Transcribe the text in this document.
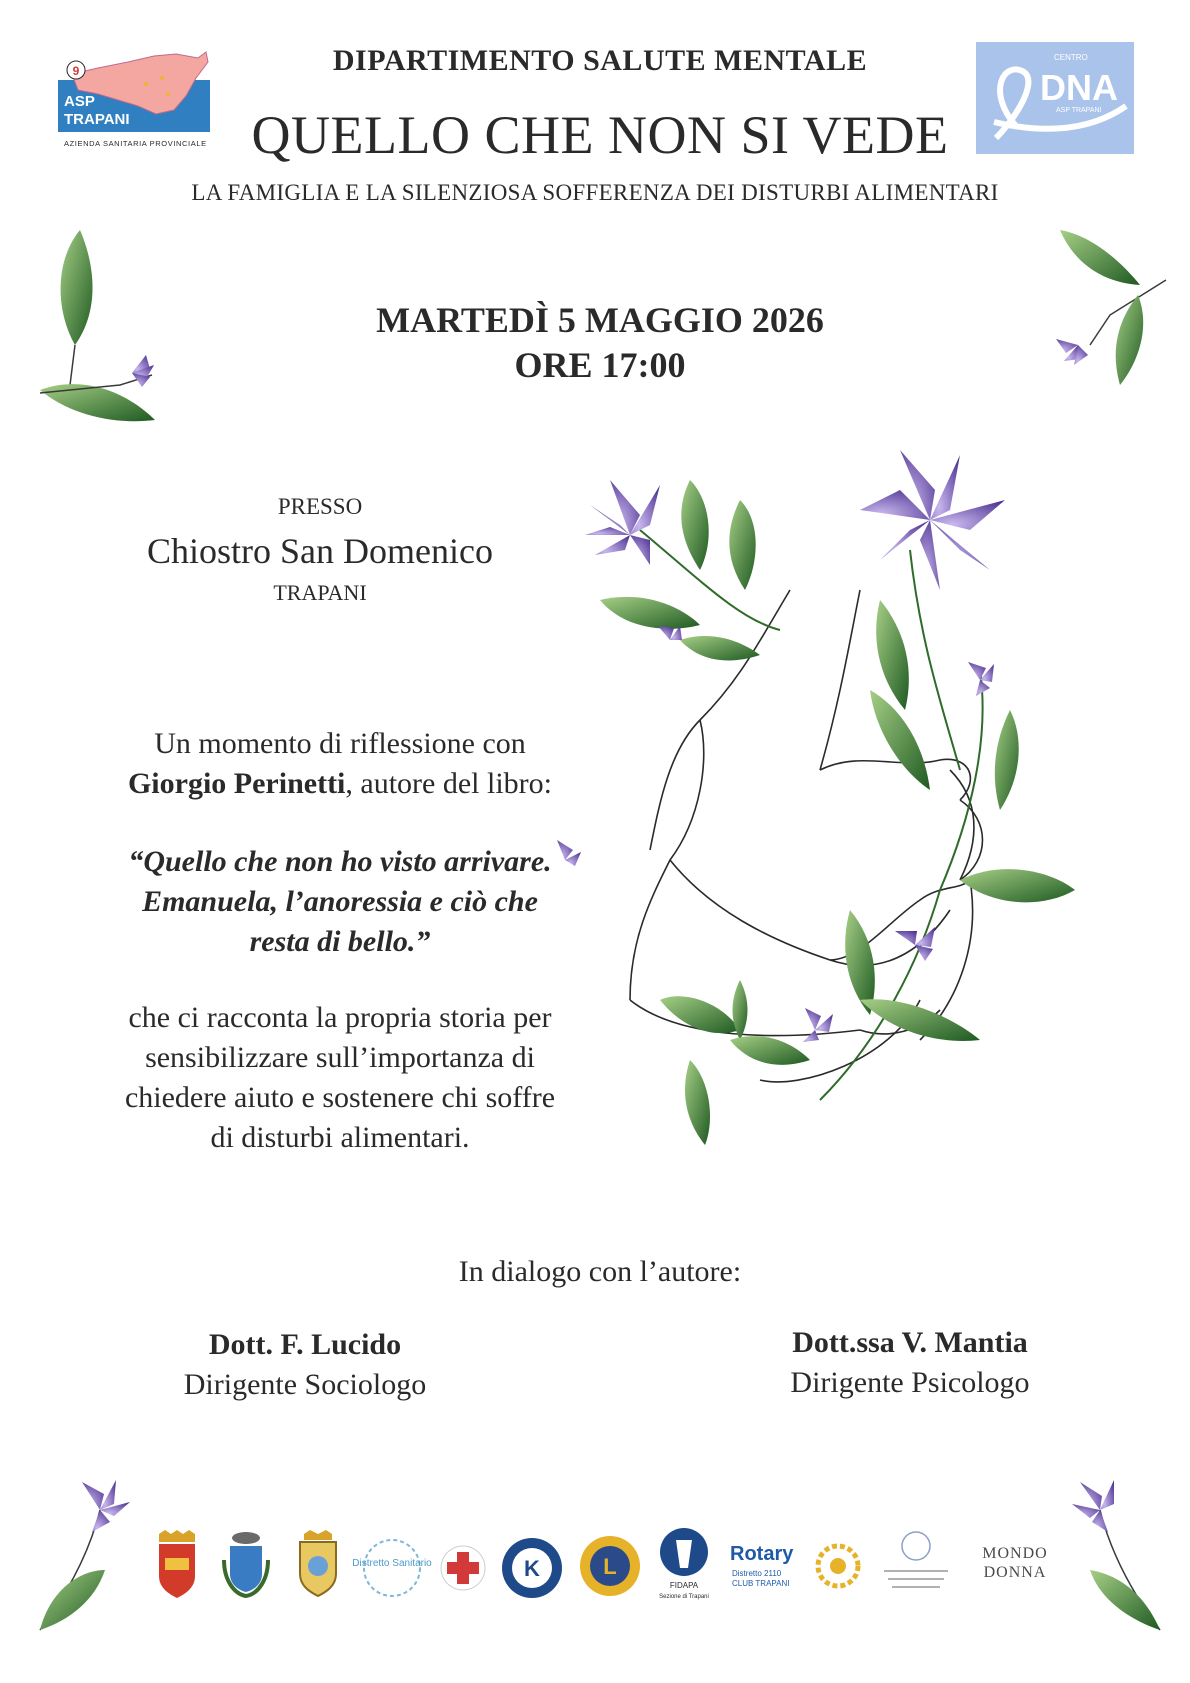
9
ASP
TRAPANI
AZIENDA SANITARIA PROVINCIALE
CENTRO
DNA
ASP TRAPANI
DIPARTIMENTO SALUTE MENTALE
QUELLO CHE NON SI VEDE
LA FAMIGLIA E LA SILENZIOSA SOFFERENZA DEI DISTURBI ALIMENTARI
MARTEDÌ 5 MAGGIO 2026
ORE 17:00
PRESSO
Chiostro San Domenico
TRAPANI
Un momento di riflessione con
Giorgio Perinetti, autore del libro:
“Quello che non ho visto arrivare.
Emanuela, l’anoressia e ciò che
resta di bello.”
che ci racconta la propria storia per
sensibilizzare sull’importanza di
chiedere aiuto e sostenere chi soffre
di disturbi alimentari.
In dialogo con l’autore:
Dott. F. Lucido
Dirigente Sociologo
Dott.ssa V. Mantia
Dirigente Psicologo
Distretto Sanitario	K	L
FIDAPA
Sezione di Trapani
Rotary
Distretto 2110
CLUB TRAPANI
MONDO
DONNA
